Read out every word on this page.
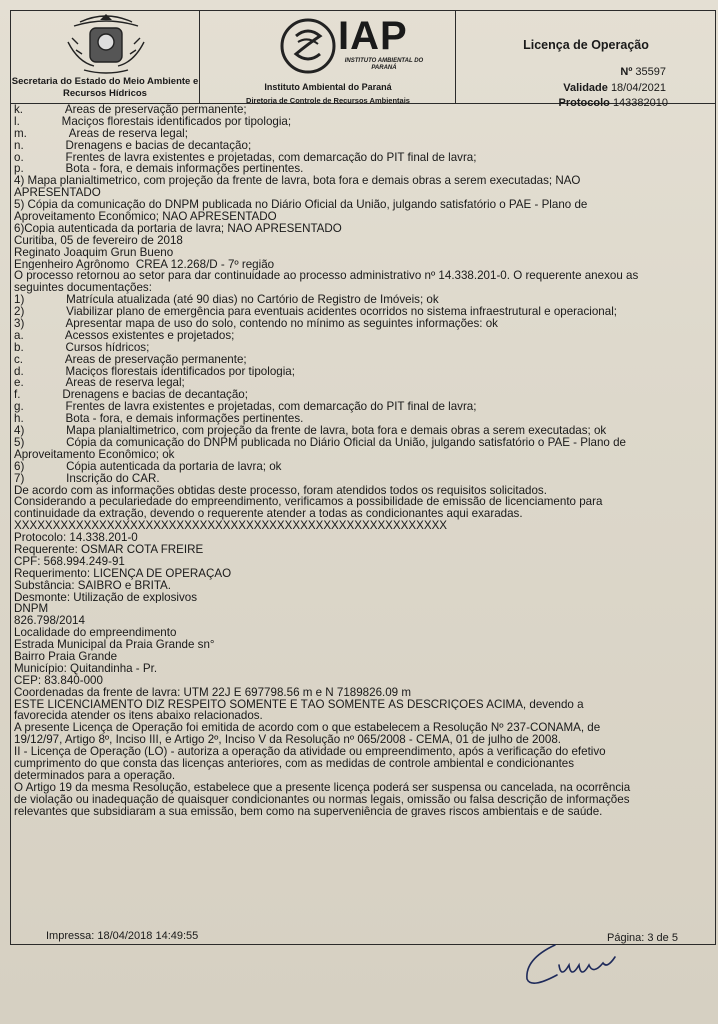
Secretaria do Estado do Meio Ambiente e Recursos Hídricos
IAP
INSTITUTO AMBIENTAL DO PARANÁ
Instituto Ambiental do Paraná
Diretoria de Controle de Recursos Ambientais
Licença de Operação
Nº 35597
Validade 18/04/2021
Protocolo 143382010
k.             Áreas de preservação permanente;
l.             Maciços florestais identificados por tipologia;
m.             Áreas de reserva legal;
n.             Drenagens e bacias de decantação;
o.             Frentes de lavra existentes e projetadas, com demarcação do PIT final de lavra;
p.             Bota - fora, e demais informações pertinentes.
4) Mapa planialtimetrico, com projeção da frente de lavra, bota fora e demais obras a serem executadas; NÃO
APRESENTADO
5) Cópia da comunicação do DNPM publicada no Diário Oficial da União, julgando satisfatório o PAE - Plano de
Aproveitamento Econômico; NÃO APRESENTADO
6)Copia autenticada da portaria de lavra; NÃO APRESENTADO
Curitiba, 05 de fevereiro de 2018
Reginato Joaquim Grun Bueno
Engenheiro Agrônomo  CREA 12.268/D - 7º região
O processo retornou ao setor para dar continuidade ao processo administrativo nº 14.338.201-0. O requerente anexou as
seguintes documentações:
1)             Matrícula atualizada (até 90 dias) no Cartório de Registro de Imóveis; ok
2)             Viabilizar plano de emergência para eventuais acidentes ocorridos no sistema infraestrutural e operacional;
3)             Apresentar mapa de uso do solo, contendo no mínimo as seguintes informações: ok
a.             Acessos existentes e projetados;
b.             Cursos hídricos;
c.             Áreas de preservação permanente;
d.             Maciços florestais identificados por tipologia;
e.             Áreas de reserva legal;
f.             Drenagens e bacias de decantação;
g.             Frentes de lavra existentes e projetadas, com demarcação do PIT final de lavra;
h.             Bota - fora, e demais informações pertinentes.
4)             Mapa planialtimetrico, com projeção da frente de lavra, bota fora e demais obras a serem executadas; ok
5)             Cópia da comunicação do DNPM publicada no Diário Oficial da União, julgando satisfatório o PAE - Plano de
Aproveitamento Econômico; ok
6)             Cópia autenticada da portaria de lavra; ok
7)             Inscrição do CAR.
De acordo com as informações obtidas deste processo, foram atendidos todos os requisitos solicitados.
Considerando a peculariedade do empreendimento, verificamos a possibilidade de emissão de licenciamento para
continuidade da extração, devendo o requerente atender a todas as condicionantes aqui exaradas.
XXXXXXXXXXXXXXXXXXXXXXXXXXXXXXXXXXXXXXXXXXXXXXXXXXXXXXXX
Protocolo: 14.338.201-0
Requerente: OSMAR COTA FREIRE
CPF: 568.994.249-91
Requerimento: LICENÇA DE OPERAÇÃO
Substância: SAIBRO e BRITA.
Desmonte: Utilização de explosivos
DNPM
826.798/2014
Localidade do empreendimento
Estrada Municipal da Praia Grande sn°
Bairro Praia Grande
Município: Quitandinha - Pr.
CEP: 83.840-000
Coordenadas da frente de lavra: UTM 22J E 697798.56 m e N 7189826.09 m
ESTE LICENCIAMENTO DIZ RESPEITO SOMENTE E TÃO SOMENTE ÀS DESCRIÇÕES ACIMA, devendo a
favorecida atender os itens abaixo relacionados.
A presente Licença de Operação foi emitida de acordo com o que estabelecem a Resolução Nº 237-CONAMA, de
19/12/97, Artigo 8º, Inciso III, e Artigo 2º, Inciso V da Resolução nº 065/2008 - CEMA, 01 de julho de 2008.
II - Licença de Operação (LO) - autoriza a operação da atividade ou empreendimento, após a verificação do efetivo
cumprimento do que consta das licenças anteriores, com as medidas de controle ambiental e condicionantes
determinados para a operação.
O Artigo 19 da mesma Resolução, estabelece que a presente licença poderá ser suspensa ou cancelada, na ocorrência
de violação ou inadequação de quaisquer condicionantes ou normas legais, omissão ou falsa descrição de informações
relevantes que subsidiaram a sua emissão, bem como na superveniência de graves riscos ambientais e de saúde.
Impressa: 18/04/2018 14:49:55	Página: 3 de 5
